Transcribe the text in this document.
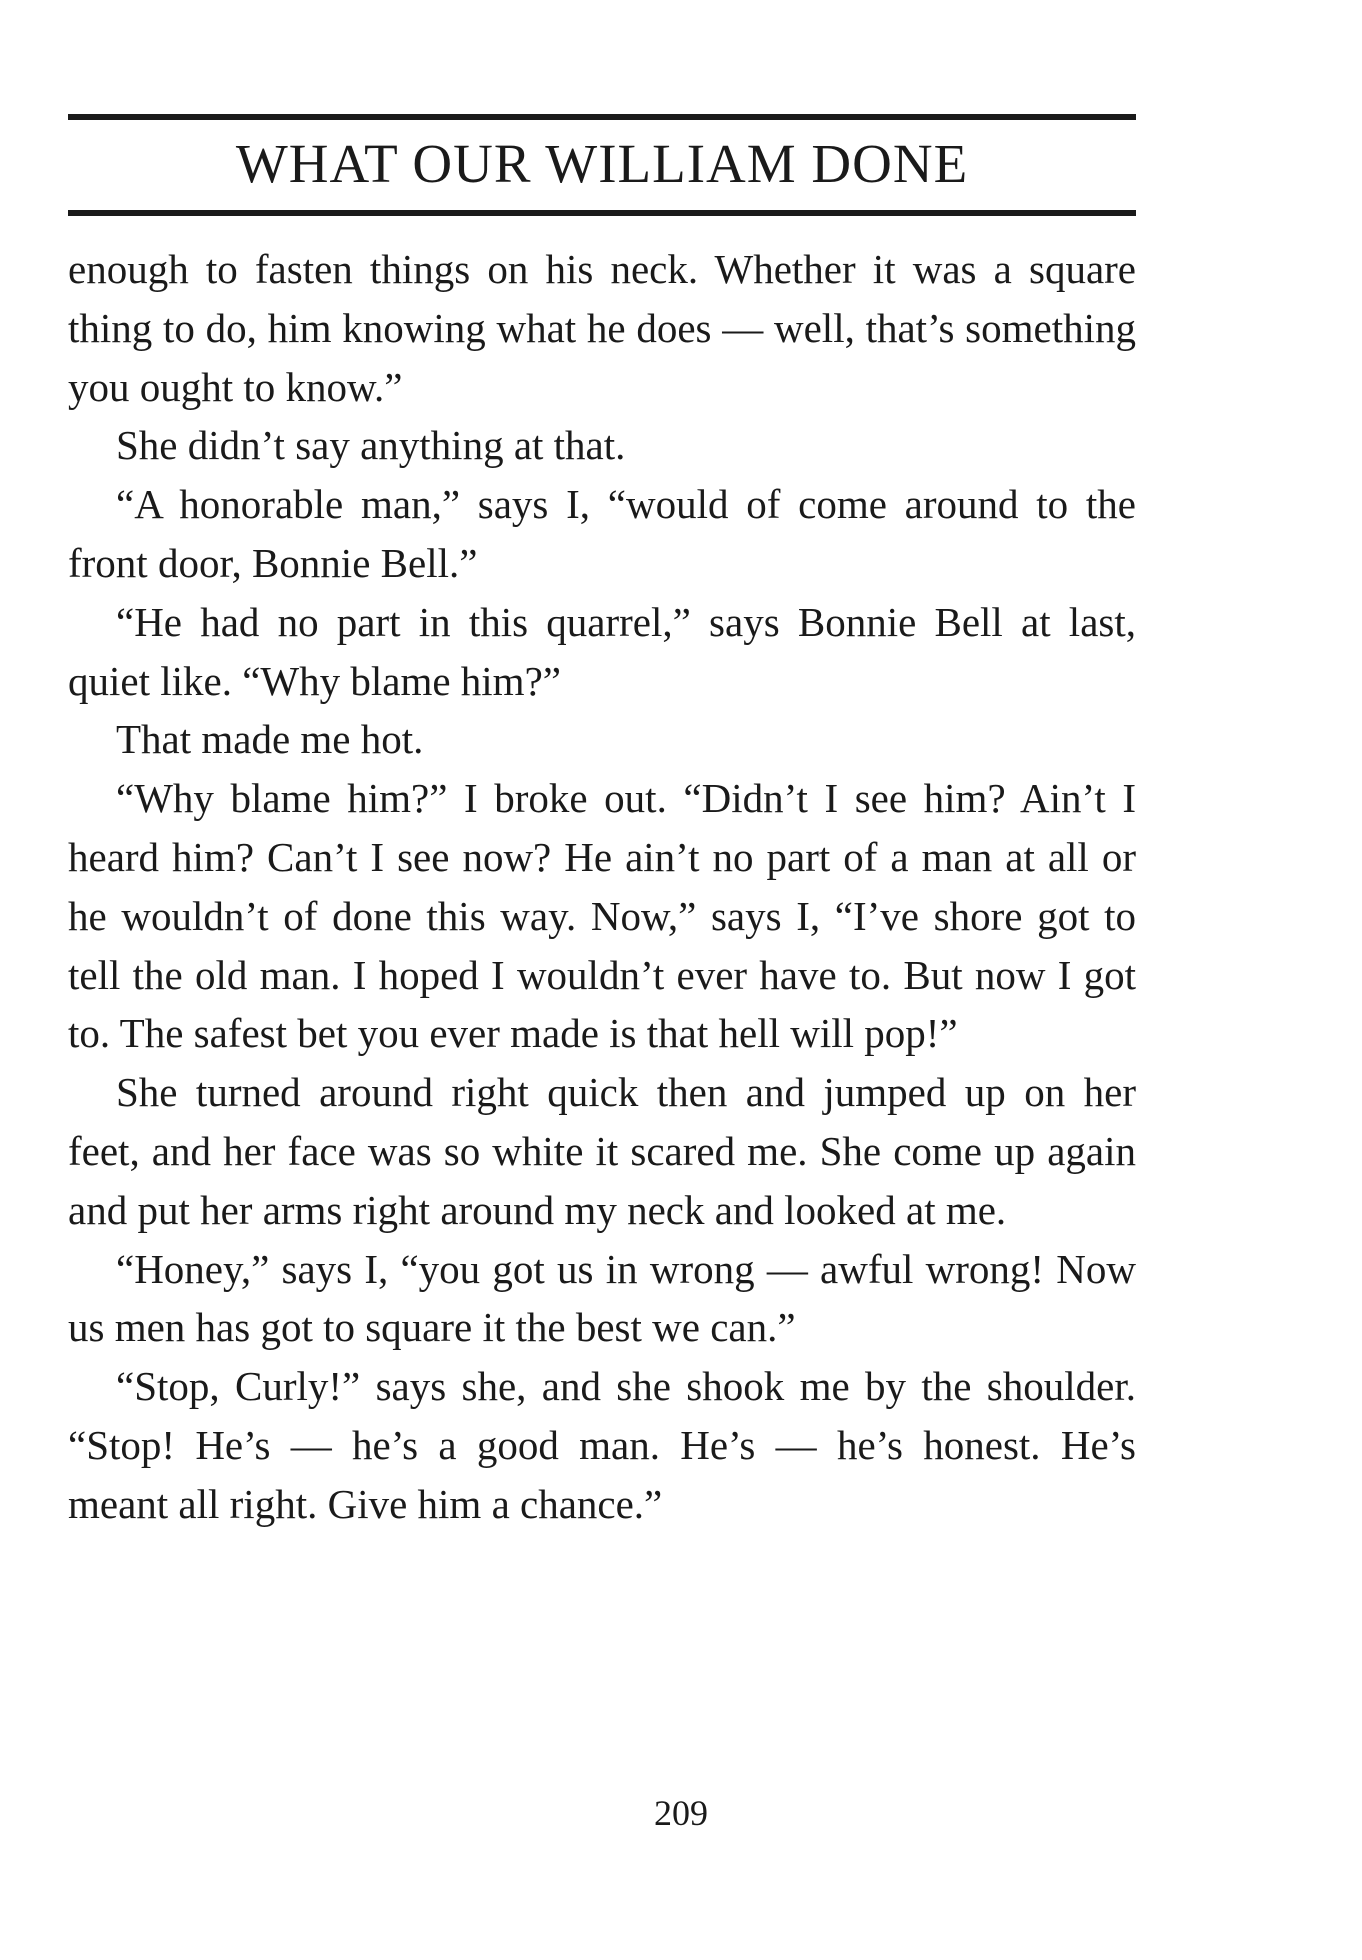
WHAT OUR WILLIAM DONE

enough to fasten things on his neck. Whether it was a square thing to do, him knowing what he does — well, that’s something you ought to know.”

She didn’t say anything at that.

“A honorable man,” says I, “would of come around to the front door, Bonnie Bell.”

“He had no part in this quarrel,” says Bonnie Bell at last, quiet like. “Why blame him?”

That made me hot.

“Why blame him?” I broke out. “Didn’t I see him? Ain’t I heard him? Can’t I see now? He ain’t no part of a man at all or he wouldn’t of done this way. Now,” says I, “I’ve shore got to tell the old man. I hoped I wouldn’t ever have to. But now I got to. The safest bet you ever made is that hell will pop!”

She turned around right quick then and jumped up on her feet, and her face was so white it scared me. She come up again and put her arms right around my neck and looked at me.

“Honey,” says I, “you got us in wrong — awful wrong! Now us men has got to square it the best we can.”

“Stop, Curly!” says she, and she shook me by the shoulder. “Stop! He’s — he’s a good man. He’s — he’s honest. He’s meant all right. Give him a chance.”

209
